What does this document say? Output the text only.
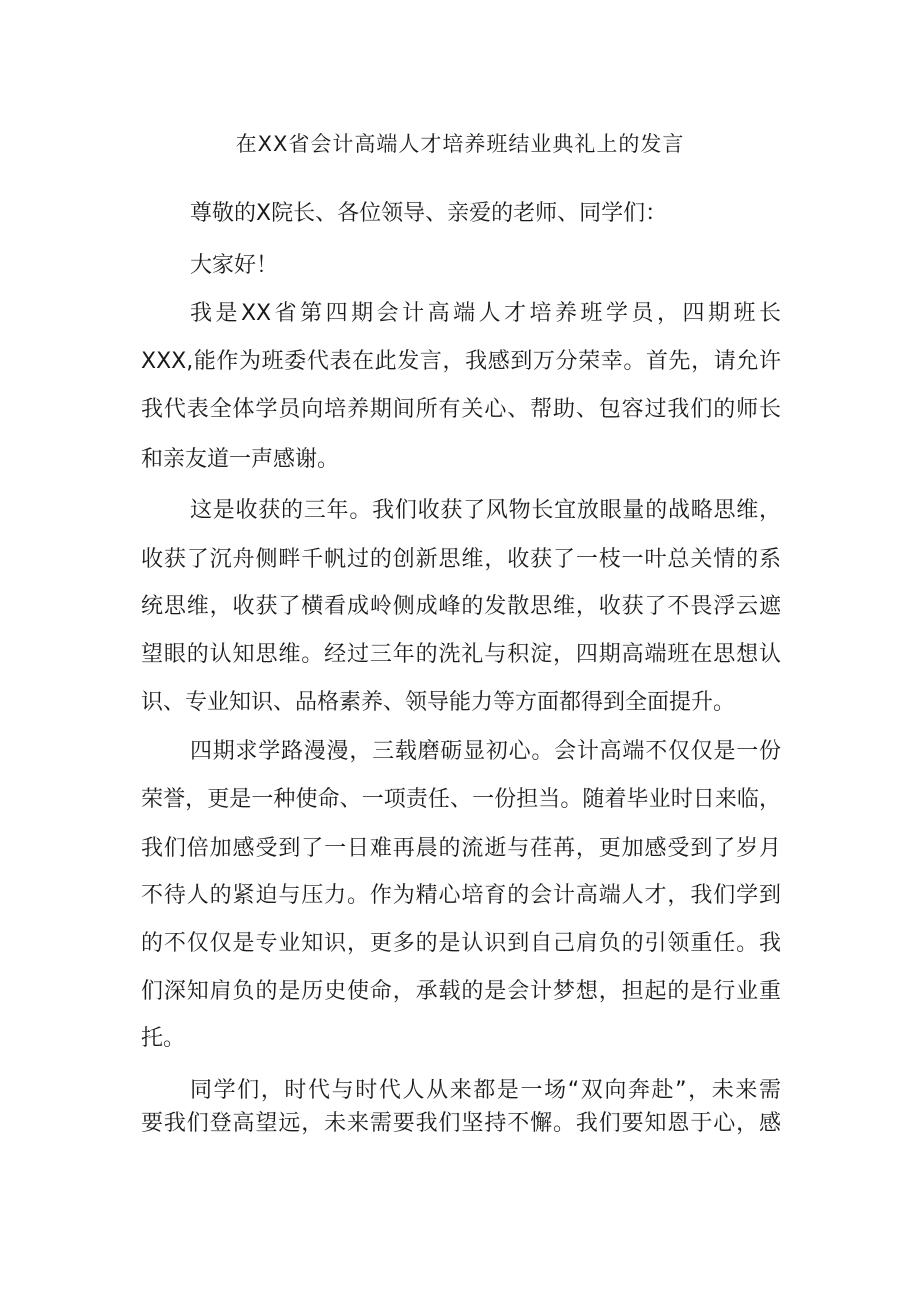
在XX省会计高端人才培养班结业典礼上的发言
尊敬的X院长、各位领导、亲爱的老师、同学们：
大家好！
我是XX省第四期会计高端人才培养班学员，四期班长
XXX,能作为班委代表在此发言，我感到万分荣幸。首先，请允许
我代表全体学员向培养期间所有关心、帮助、包容过我们的师长
和亲友道一声感谢。
这是收获的三年。我们收获了风物长宜放眼量的战略思维，
收获了沉舟侧畔千帆过的创新思维，收获了一枝一叶总关情的系
统思维，收获了横看成岭侧成峰的发散思维，收获了不畏浮云遮
望眼的认知思维。经过三年的洗礼与积淀，四期高端班在思想认
识、专业知识、品格素养、领导能力等方面都得到全面提升。
四期求学路漫漫，三载磨砺显初心。会计高端不仅仅是一份
荣誉，更是一种使命、一项责任、一份担当。随着毕业时日来临，
我们倍加感受到了一日难再晨的流逝与荏苒，更加感受到了岁月
不待人的紧迫与压力。作为精心培育的会计高端人才，我们学到
的不仅仅是专业知识，更多的是认识到自己肩负的引领重任。我
们深知肩负的是历史使命，承载的是会计梦想，担起的是行业重
托。
同学们，时代与时代人从来都是一场“双向奔赴”，未来需
要我们登高望远，未来需要我们坚持不懈。我们要知恩于心，感
